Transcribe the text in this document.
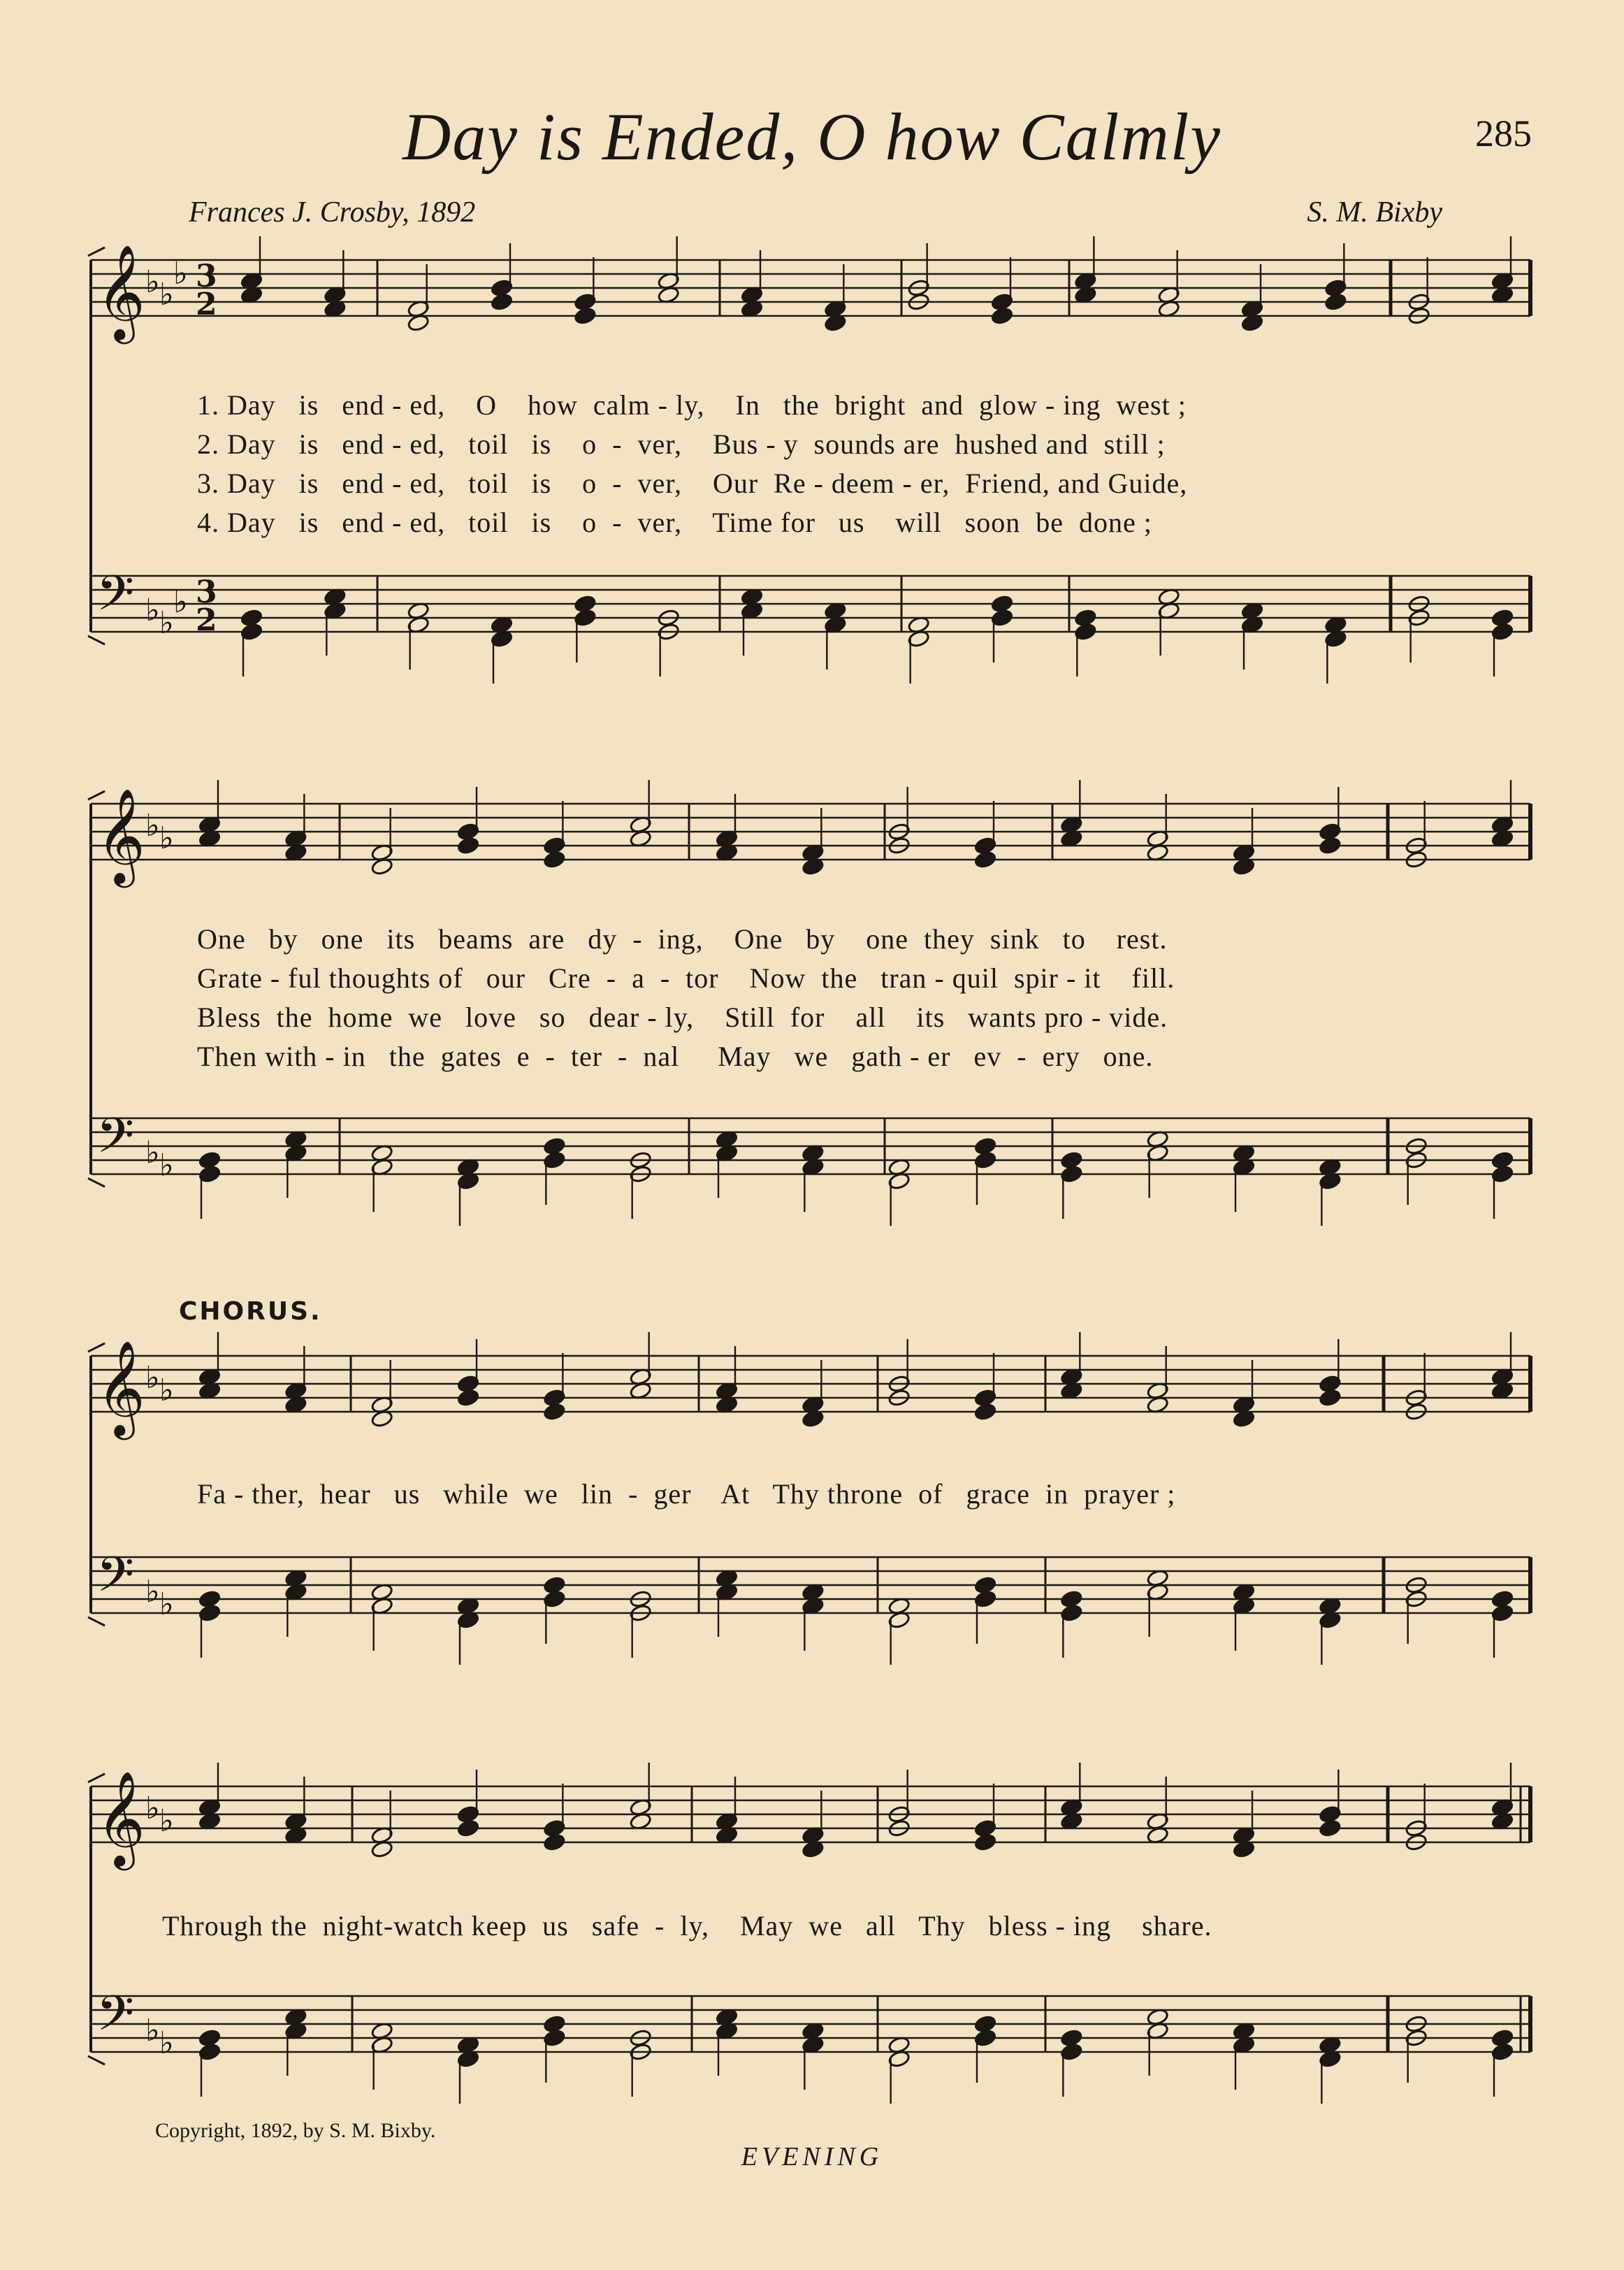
Day is Ended, O how Calmly	285
Frances J. Crosby, 1892	S. M. Bixby
𝄞 ♭ ♭
♭ 3
2
𝄢 ♭ ♭
♭ 3
2
𝄞 ♭ ♭
𝄢 ♭ ♭
𝄞 ♭ ♭
𝄢 ♭ ♭
𝄞 ♭ ♭
𝄢 ♭ ♭
1. Day   is   end - ed,    O    how  calm - ly,    In   the  bright  and  glow - ing  west ;
2. Day   is   end - ed,   toil   is    o  -  ver,    Bus - y  sounds are  hushed and  still ;
3. Day   is   end - ed,   toil   is    o  -  ver,    Our  Re - deem - er,  Friend, and Guide,
4. Day   is   end - ed,   toil   is    o  -  ver,    Time for   us    will   soon  be  done ;
One   by   one   its   beams  are   dy  -  ing,    One   by    one  they  sink   to    rest.
Grate - ful thoughts of   our   Cre  -  a  -  tor    Now  the   tran - quil  spir - it    fill.
Bless  the  home  we   love   so   dear - ly,    Still  for    all    its   wants pro - vide.
Then with - in   the  gates  e  -  ter  -  nal     May   we   gath - er   ev  -  ery   one.
CHORUS.
Fa - ther,  hear   us   while  we   lin  -  ger    At   Thy throne  of   grace  in  prayer ;
Through the  night-watch keep  us   safe  -  ly,    May  we   all   Thy   bless - ing    share.
Copyright, 1892, by S. M. Bixby.
EVENING
